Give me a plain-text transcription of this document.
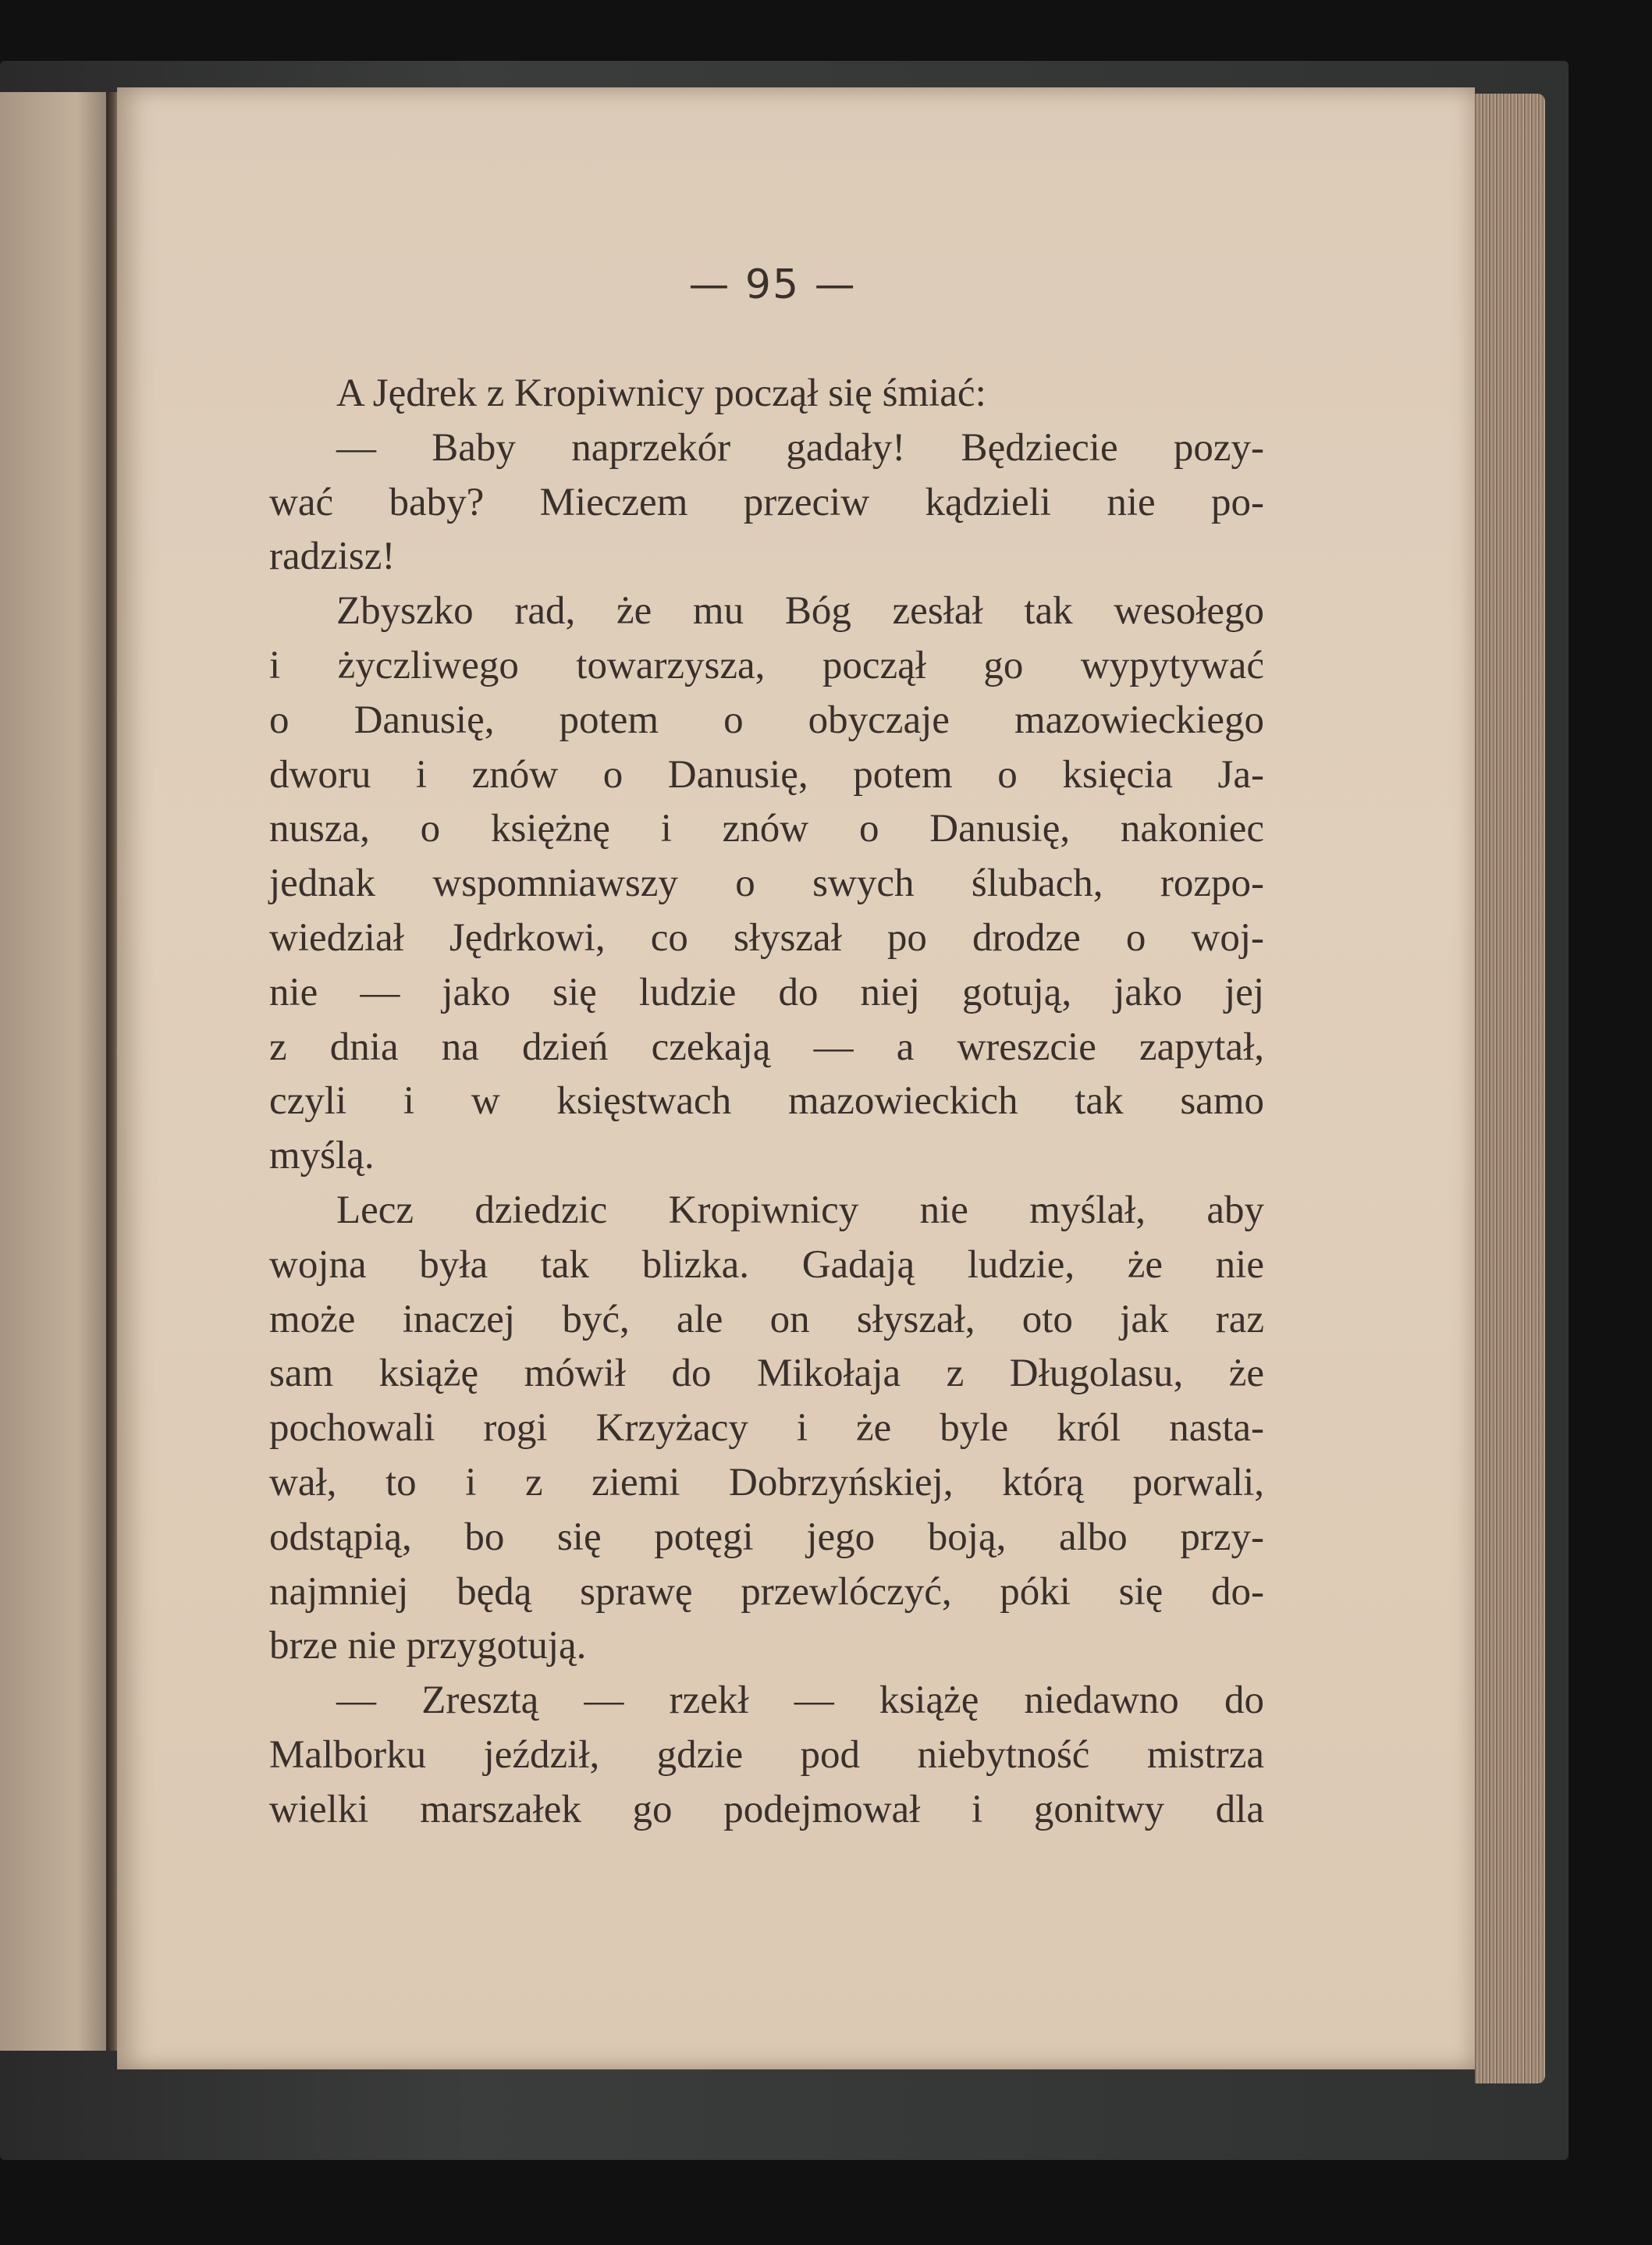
— 95 —
A Jędrek z Kropiwnicy począł się śmiać:
— Baby naprzekór gadały! Będziecie pozy-
wać baby? Mieczem przeciw kądzieli nie po-
radzisz!
Zbyszko rad, że mu Bóg zesłał tak wesołego
i życzliwego towarzysza, począł go wypytywać
o Danusię, potem o obyczaje mazowieckiego
dworu i znów o Danusię, potem o księcia Ja-
nusza, o księżnę i znów o Danusię, nakoniec
jednak wspomniawszy o swych ślubach, rozpo-
wiedział Jędrkowi, co słyszał po drodze o woj-
nie — jako się ludzie do niej gotują, jako jej
z dnia na dzień czekają — a wreszcie zapytał,
czyli i w księstwach mazowieckich tak samo
myślą.
Lecz dziedzic Kropiwnicy nie myślał, aby
wojna była tak blizka. Gadają ludzie, że nie
może inaczej być, ale on słyszał, oto jak raz
sam książę mówił do Mikołaja z Długolasu, że
pochowali rogi Krzyżacy i że byle król nasta-
wał, to i z ziemi Dobrzyńskiej, którą porwali,
odstąpią, bo się potęgi jego boją, albo przy-
najmniej będą sprawę przewlóczyć, póki się do-
brze nie przygotują.
— Zresztą — rzekł — książę niedawno do
Malborku jeździł, gdzie pod niebytność mistrza
wielki marszałek go podejmował i gonitwy dla
